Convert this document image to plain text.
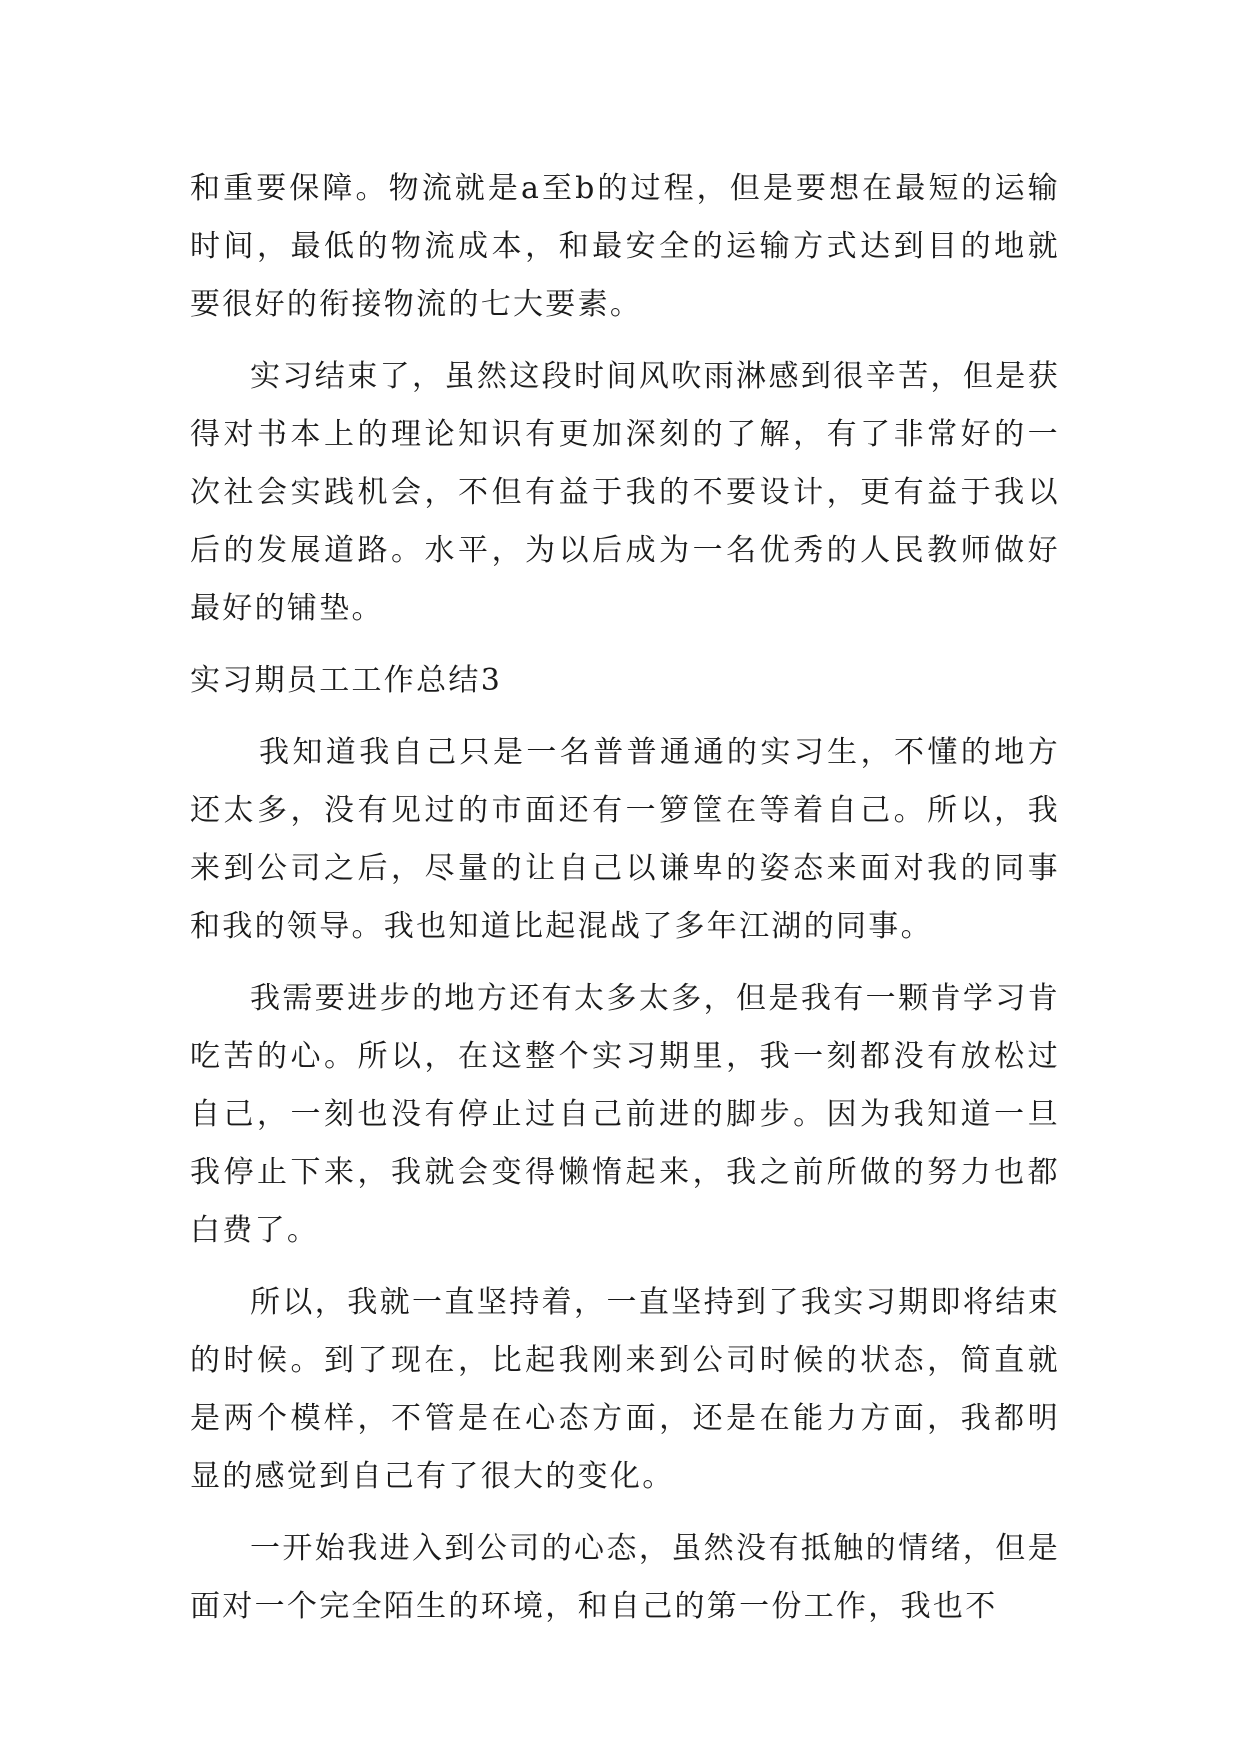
和重要保障。物流就是a至b的过程，但是要想在最短的运输时间，最低的物流成本，和最安全的运输方式达到目的地就要很好的衔接物流的七大要素。

实习结束了，虽然这段时间风吹雨淋感到很辛苦，但是获得对书本上的理论知识有更加深刻的了解，有了非常好的一次社会实践机会，不但有益于我的不要设计，更有益于我以后的发展道路。水平，为以后成为一名优秀的人民教师做好最好的铺垫。

实习期员工工作总结3

我知道我自己只是一名普普通通的实习生，不懂的地方还太多，没有见过的市面还有一箩筐在等着自己。所以，我来到公司之后，尽量的让自己以谦卑的姿态来面对我的同事和我的领导。我也知道比起混战了多年江湖的同事。

我需要进步的地方还有太多太多，但是我有一颗肯学习肯吃苦的心。所以，在这整个实习期里，我一刻都没有放松过自己，一刻也没有停止过自己前进的脚步。因为我知道一旦我停止下来，我就会变得懒惰起来，我之前所做的努力也都白费了。

所以，我就一直坚持着，一直坚持到了我实习期即将结束的时候。到了现在，比起我刚来到公司时候的状态，简直就是两个模样，不管是在心态方面，还是在能力方面，我都明显的感觉到自己有了很大的变化。

一开始我进入到公司的心态，虽然没有抵触的情绪，但是面对一个完全陌生的环境，和自己的第一份工作，我也不
